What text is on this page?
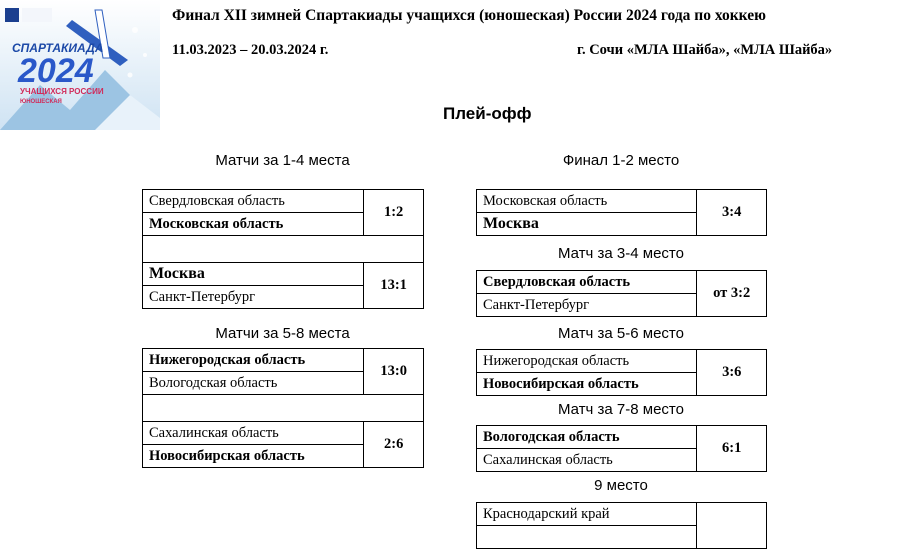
СПАРТАКИАДА
2024
УЧАЩИХСЯ РОССИИ
ЮНОШЕСКАЯ
Финал XII зимней Спартакиады учащихся (юношеская) России 2024 года по хоккею
11.03.2023 – 20.03.2024 г.	г. Сочи «МЛА Шайба», «МЛА Шайба»
Плей-офф
Матчи за 1-4 места
Свердловская область	1:2
Московская область	

Москва	13:1
Санкт-Петербург	
Матчи за 5-8 места
Нижегородская область	13:0
Вологодская область	

Сахалинская область	2:6
Новосибирская область	
Финал 1-2 место
Московская область	3:4
Москва
Матч за 3-4 место
Свердловская область	от 3:2
Санкт-Петербург
Матч за 5-6 место
Нижегородская область	3:6
Новосибирская область
Матч за 7-8 место
Вологодская область	6:1
Сахалинская область
9 место
Краснодарский край	
